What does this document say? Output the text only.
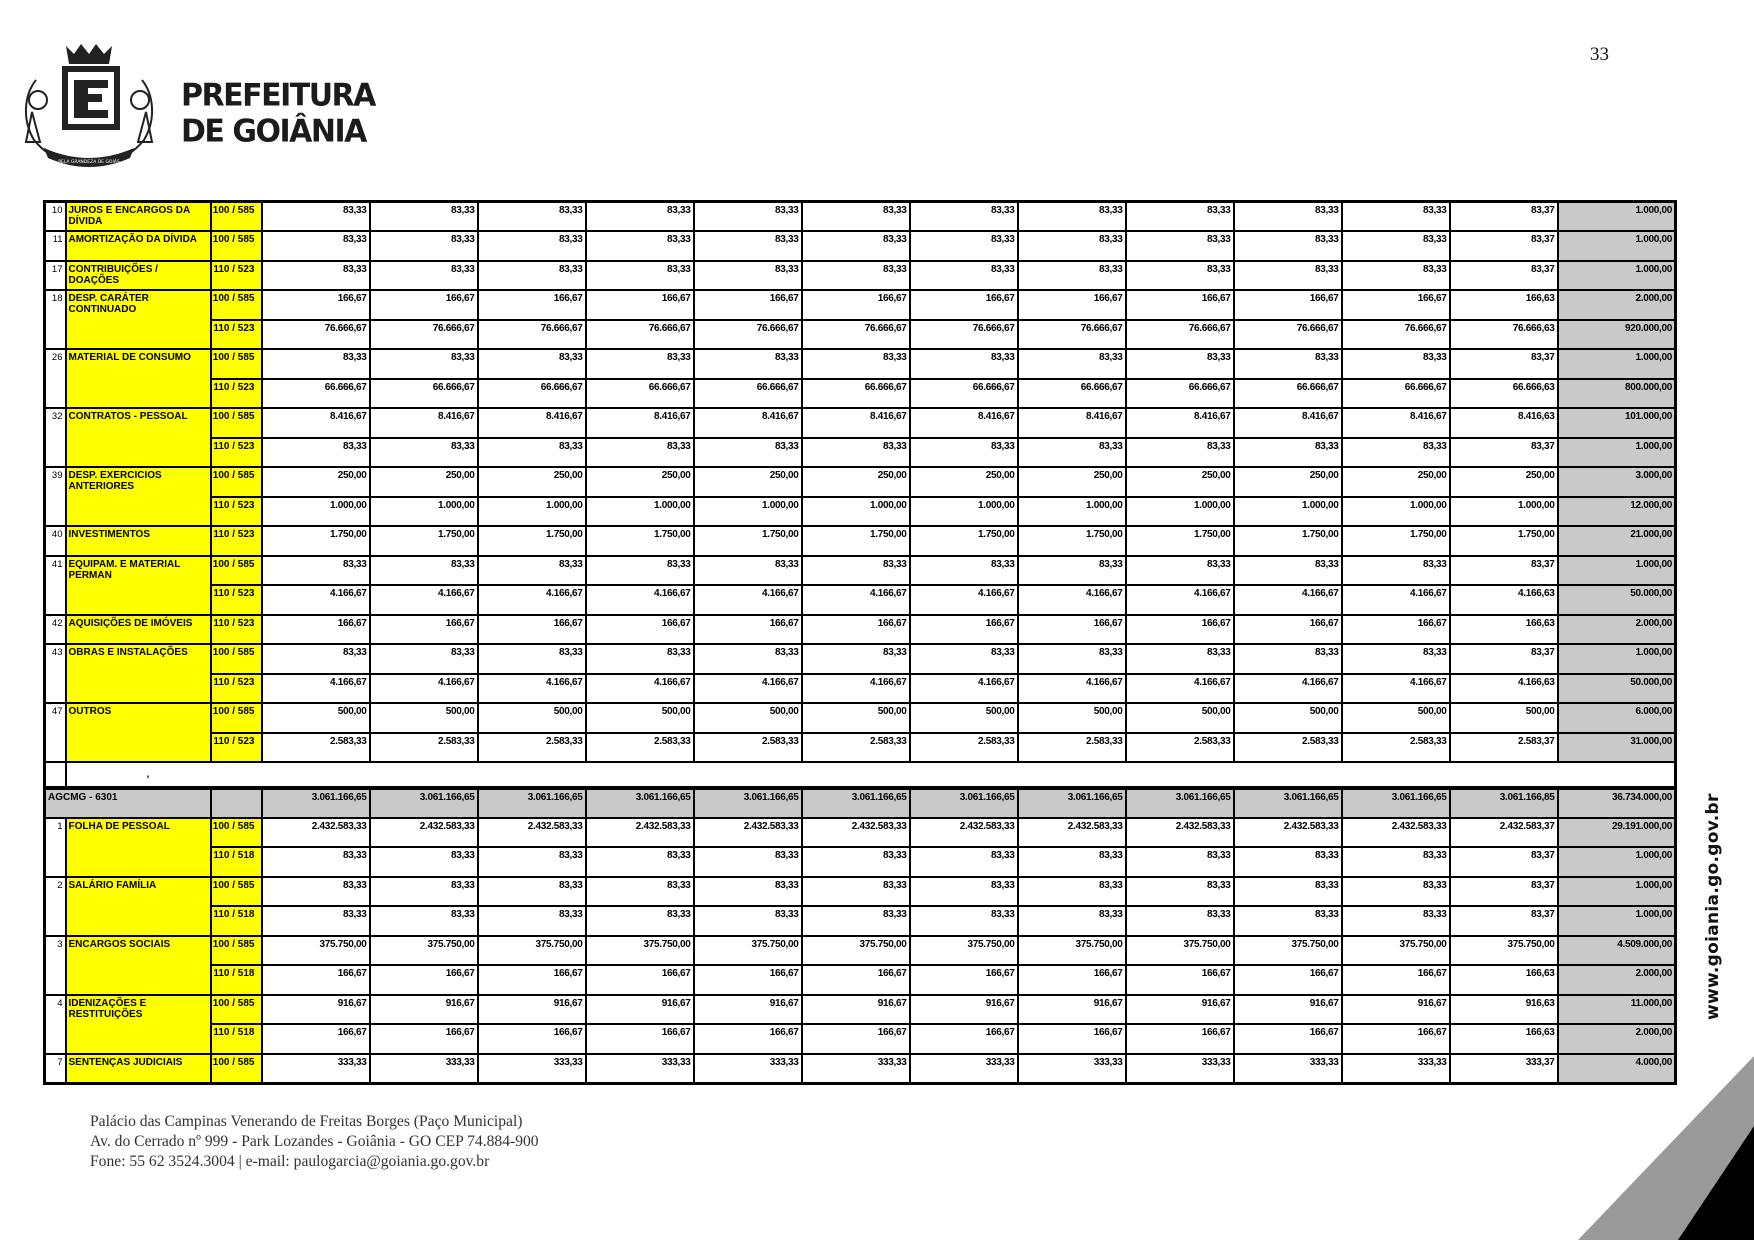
33
PELA GRANDEZA DE GOIÁS
PREFEITURA
DE GOIÂNIA
10	JUROS E ENCARGOS DA DÍVIDA	100 / 585	83,33	83,33	83,33	83,33	83,33	83,33	83,33	83,33	83,33	83,33	83,33	83,37	1.000,00
11	AMORTIZAÇÃO DA DÍVIDA	100 / 585	83,33	83,33	83,33	83,33	83,33	83,33	83,33	83,33	83,33	83,33	83,33	83,37	1.000,00
17	CONTRIBUIÇÕES / DOAÇÕES	110 / 523	83,33	83,33	83,33	83,33	83,33	83,33	83,33	83,33	83,33	83,33	83,33	83,37	1.000,00
18	DESP. CARÁTER CONTINUADO	100 / 585	166,67	166,67	166,67	166,67	166,67	166,67	166,67	166,67	166,67	166,67	166,67	166,63	2.000,00
		110 / 523	76.666,67	76.666,67	76.666,67	76.666,67	76.666,67	76.666,67	76.666,67	76.666,67	76.666,67	76.666,67	76.666,67	76.666,63	920.000,00
26	MATERIAL DE CONSUMO	100 / 585	83,33	83,33	83,33	83,33	83,33	83,33	83,33	83,33	83,33	83,33	83,33	83,37	1.000,00
		110 / 523	66.666,67	66.666,67	66.666,67	66.666,67	66.666,67	66.666,67	66.666,67	66.666,67	66.666,67	66.666,67	66.666,67	66.666,63	800.000,00
32	CONTRATOS - PESSOAL	100 / 585	8.416,67	8.416,67	8.416,67	8.416,67	8.416,67	8.416,67	8.416,67	8.416,67	8.416,67	8.416,67	8.416,67	8.416,63	101.000,00
		110 / 523	83,33	83,33	83,33	83,33	83,33	83,33	83,33	83,33	83,33	83,33	83,33	83,37	1.000,00
39	DESP. EXERCICIOS ANTERIORES	100 / 585	250,00	250,00	250,00	250,00	250,00	250,00	250,00	250,00	250,00	250,00	250,00	250,00	3.000,00
		110 / 523	1.000,00	1.000,00	1.000,00	1.000,00	1.000,00	1.000,00	1.000,00	1.000,00	1.000,00	1.000,00	1.000,00	1.000,00	12.000,00
40	INVESTIMENTOS	110 / 523	1.750,00	1.750,00	1.750,00	1.750,00	1.750,00	1.750,00	1.750,00	1.750,00	1.750,00	1.750,00	1.750,00	1.750,00	21.000,00
41	EQUIPAM. E MATERIAL PERMAN	100 / 585	83,33	83,33	83,33	83,33	83,33	83,33	83,33	83,33	83,33	83,33	83,33	83,37	1.000,00
		110 / 523	4.166,67	4.166,67	4.166,67	4.166,67	4.166,67	4.166,67	4.166,67	4.166,67	4.166,67	4.166,67	4.166,67	4.166,63	50.000,00
42	AQUISIÇÕES DE IMÓVEIS	110 / 523	166,67	166,67	166,67	166,67	166,67	166,67	166,67	166,67	166,67	166,67	166,67	166,63	2.000,00
43	OBRAS E INSTALAÇÕES	100 / 585	83,33	83,33	83,33	83,33	83,33	83,33	83,33	83,33	83,33	83,33	83,33	83,37	1.000,00
		110 / 523	4.166,67	4.166,67	4.166,67	4.166,67	4.166,67	4.166,67	4.166,67	4.166,67	4.166,67	4.166,67	4.166,67	4.166,63	50.000,00
47	OUTROS	100 / 585	500,00	500,00	500,00	500,00	500,00	500,00	500,00	500,00	500,00	500,00	500,00	500,00	6.000,00
		110 / 523	2.583,33	2.583,33	2.583,33	2.583,33	2.583,33	2.583,33	2.583,33	2.583,33	2.583,33	2.583,33	2.583,33	2.583,37	31.000,00
	,														
AGCMG - 6301			3.061.166,65	3.061.166,65	3.061.166,65	3.061.166,65	3.061.166,65	3.061.166,65	3.061.166,65	3.061.166,65	3.061.166,65	3.061.166,65	3.061.166,65	3.061.166,85	36.734.000,00
1	FOLHA DE PESSOAL	100 / 585	2.432.583,33	2.432.583,33	2.432.583,33	2.432.583,33	2.432.583,33	2.432.583,33	2.432.583,33	2.432.583,33	2.432.583,33	2.432.583,33	2.432.583,33	2.432.583,37	29.191.000,00
		110 / 518	83,33	83,33	83,33	83,33	83,33	83,33	83,33	83,33	83,33	83,33	83,33	83,37	1.000,00
2	SALÁRIO FAMÍLIA	100 / 585	83,33	83,33	83,33	83,33	83,33	83,33	83,33	83,33	83,33	83,33	83,33	83,37	1.000,00
		110 / 518	83,33	83,33	83,33	83,33	83,33	83,33	83,33	83,33	83,33	83,33	83,33	83,37	1.000,00
3	ENCARGOS SOCIAIS	100 / 585	375.750,00	375.750,00	375.750,00	375.750,00	375.750,00	375.750,00	375.750,00	375.750,00	375.750,00	375.750,00	375.750,00	375.750,00	4.509.000,00
		110 / 518	166,67	166,67	166,67	166,67	166,67	166,67	166,67	166,67	166,67	166,67	166,67	166,63	2.000,00
4	IDENIZAÇÕES E RESTITUIÇÕES	100 / 585	916,67	916,67	916,67	916,67	916,67	916,67	916,67	916,67	916,67	916,67	916,67	916,63	11.000,00
		110 / 518	166,67	166,67	166,67	166,67	166,67	166,67	166,67	166,67	166,67	166,67	166,67	166,63	2.000,00
7	SENTENÇAS JUDICIAIS	100 / 585	333,33	333,33	333,33	333,33	333,33	333,33	333,33	333,33	333,33	333,33	333,33	333,37	4.000,00
www.goiania.go.gov.br
Palácio das Campinas Venerando de Freitas Borges (Paço Municipal)
Av. do Cerrado nº 999 - Park Lozandes - Goiânia - GO CEP 74.884-900
Fone: 55 62 3524.3004 | e-mail: paulogarcia@goiania.go.gov.br
